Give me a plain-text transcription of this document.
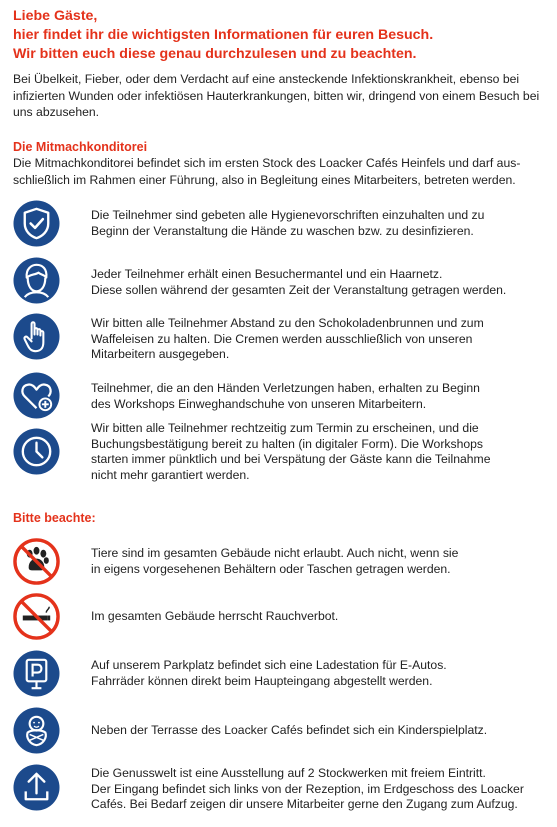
Liebe Gäste,
hier findet ihr die wichtigsten Informationen für euren Besuch.
Wir bitten euch diese genau durchzulesen und zu beachten.
Bei Übelkeit, Fieber, oder dem Verdacht auf eine ansteckende Infektionskrankheit, ebenso bei infizierten Wunden oder infektiösen Hauterkrankungen, bitten wir, dringend von einem Besuch bei uns abzusehen.
Die Mitmachkonditorei
Die Mitmachkonditorei befindet sich im ersten Stock des Loacker Cafés Heinfels und darf aus-schließlich im Rahmen einer Führung, also in Begleitung eines Mitarbeiters, betreten werden.
Die Teilnehmer sind gebeten alle Hygienevorschriften einzuhalten und zu
Beginn der Veranstaltung die Hände zu waschen bzw. zu desinfizieren.
Jeder Teilnehmer erhält einen Besuchermantel und ein Haarnetz.
Diese sollen während der gesamten Zeit der Veranstaltung getragen werden.
Wir bitten alle Teilnehmer Abstand zu den Schokoladenbrunnen und zum
Waffeleisen zu halten. Die Cremen werden ausschließlich von unseren
Mitarbeitern ausgegeben.
Teilnehmer, die an den Händen Verletzungen haben, erhalten zu Beginn
des Workshops Einweghandschuhe von unseren Mitarbeitern.
Wir bitten alle Teilnehmer rechtzeitig zum Termin zu erscheinen, und die
Buchungsbestätigung bereit zu halten (in digitaler Form). Die Workshops
starten immer pünktlich und bei Verspätung der Gäste kann die Teilnahme
nicht mehr garantiert werden.
Bitte beachte:
Tiere sind im gesamten Gebäude nicht erlaubt. Auch nicht, wenn sie
in eigens vorgesehenen Behältern oder Taschen getragen werden.
Im gesamten Gebäude herrscht Rauchverbot.
Auf unserem Parkplatz befindet sich eine Ladestation für E-Autos.
Fahrräder können direkt beim Haupteingang abgestellt werden.
Neben der Terrasse des Loacker Cafés befindet sich ein Kinderspielplatz.
Die Genusswelt ist eine Ausstellung auf 2 Stockwerken mit freiem Eintritt.
Der Eingang befindet sich links von der Rezeption, im Erdgeschoss des Loacker
Cafés. Bei Bedarf zeigen dir unsere Mitarbeiter gerne den Zugang zum Aufzug.
